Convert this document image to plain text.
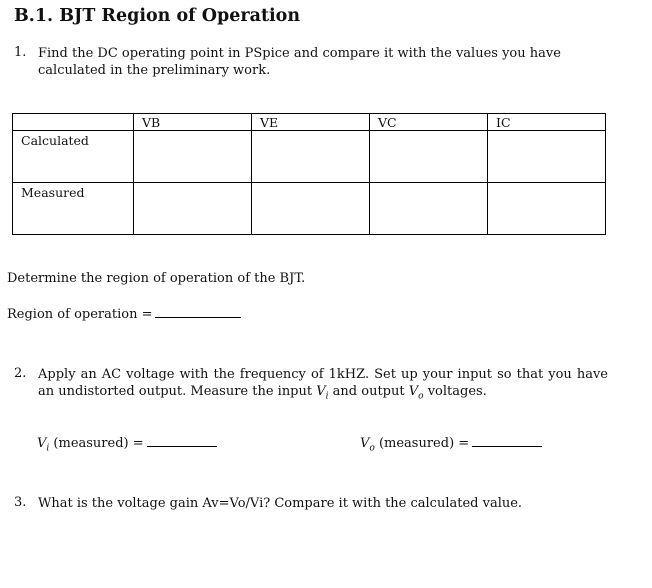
B.1. BJT Region of Operation
1. Find the DC operating point in PSpice and compare it with the values you have calculated in the preliminary work.
	VB	VE	VC	IC
Calculated				
Measured				
Determine the region of operation of the BJT.
Region of operation =
2. Apply an AC voltage with the frequency of 1kHZ. Set up your input so that you have an undistorted output. Measure the input $V_i$ and output $V_o$ voltages.
$V_i$ (measured) =	$V_o$ (measured) =
3. What is the voltage gain Av=Vo/Vi? Compare it with the calculated value.
